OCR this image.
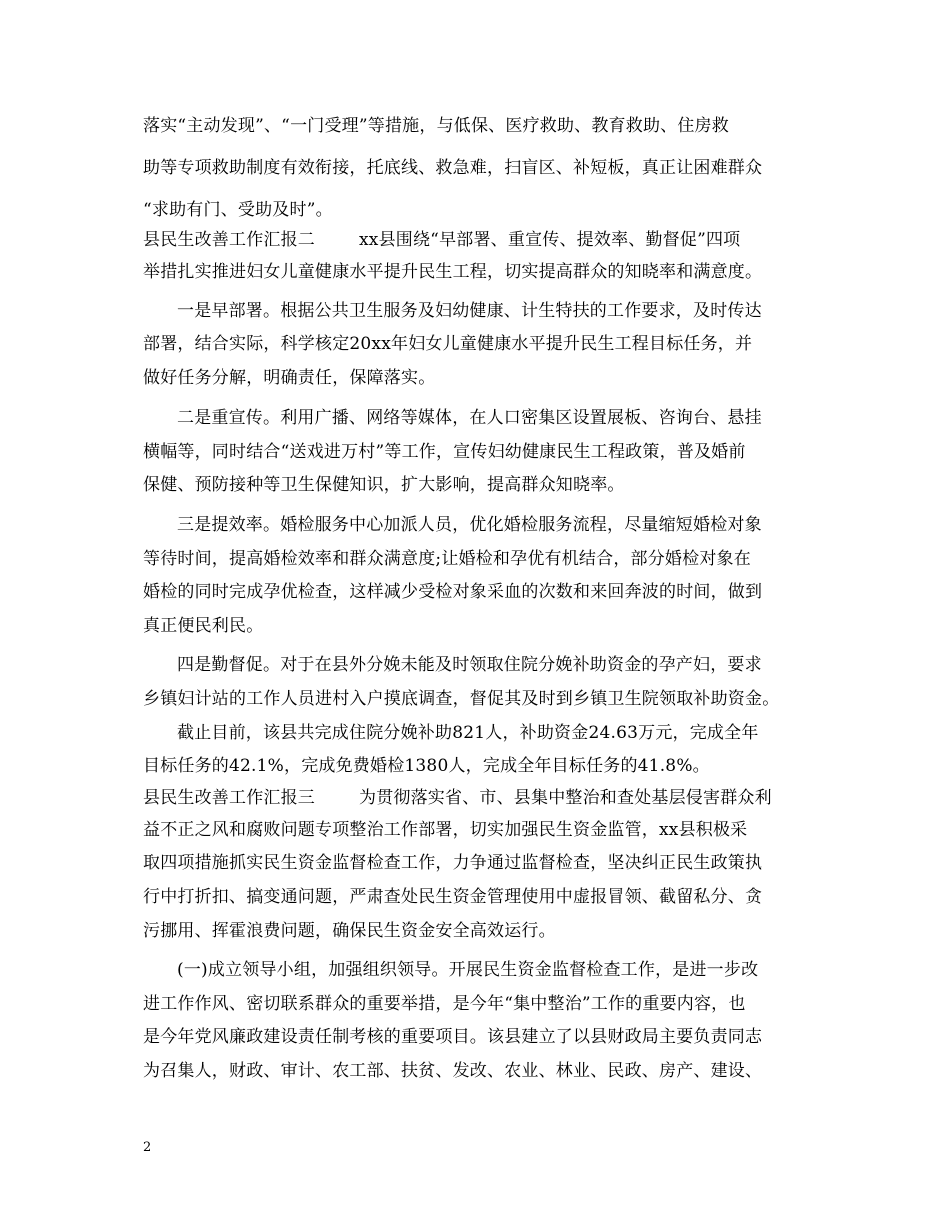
落实“主动发现”、“一门受理”等措施，与低保、医疗救助、教育救助、住房救
助等专项救助制度有效衔接，托底线、救急难，扫盲区、补短板，真正让困难群众
“求助有门、受助及时”。
县民生改善工作汇报二	xx县围绕“早部署、重宣传、提效率、勤督促”四项
举措扎实推进妇女儿童健康水平提升民生工程，切实提高群众的知晓率和满意度。
一是早部署。根据公共卫生服务及妇幼健康、计生特扶的工作要求，及时传达
部署，结合实际，科学核定20xx年妇女儿童健康水平提升民生工程目标任务，并
做好任务分解，明确责任，保障落实。
二是重宣传。利用广播、网络等媒体，在人口密集区设置展板、咨询台、悬挂
横幅等，同时结合“送戏进万村”等工作，宣传妇幼健康民生工程政策，普及婚前
保健、预防接种等卫生保健知识，扩大影响，提高群众知晓率。
三是提效率。婚检服务中心加派人员，优化婚检服务流程，尽量缩短婚检对象
等待时间，提高婚检效率和群众满意度;让婚检和孕优有机结合，部分婚检对象在
婚检的同时完成孕优检查，这样减少受检对象采血的次数和来回奔波的时间，做到
真正便民利民。
四是勤督促。对于在县外分娩未能及时领取住院分娩补助资金的孕产妇，要求
乡镇妇计站的工作人员进村入户摸底调查，督促其及时到乡镇卫生院领取补助资金。
截止目前，该县共完成住院分娩补助821人，补助资金24.63万元，完成全年
目标任务的42.1%，完成免费婚检1380人，完成全年目标任务的41.8%。
县民生改善工作汇报三	为贯彻落实省、市、县集中整治和查处基层侵害群众利
益不正之风和腐败问题专项整治工作部署，切实加强民生资金监管，xx县积极采
取四项措施抓实民生资金监督检查工作，力争通过监督检查，坚决纠正民生政策执
行中打折扣、搞变通问题，严肃查处民生资金管理使用中虚报冒领、截留私分、贪
污挪用、挥霍浪费问题，确保民生资金安全高效运行。
(一)成立领导小组，加强组织领导。开展民生资金监督检查工作，是进一步改
进工作作风、密切联系群众的重要举措，是今年“集中整治”工作的重要内容，也
是今年党风廉政建设责任制考核的重要项目。该县建立了以县财政局主要负责同志
为召集人，财政、审计、农工部、扶贫、发改、农业、林业、民政、房产、建设、
2
